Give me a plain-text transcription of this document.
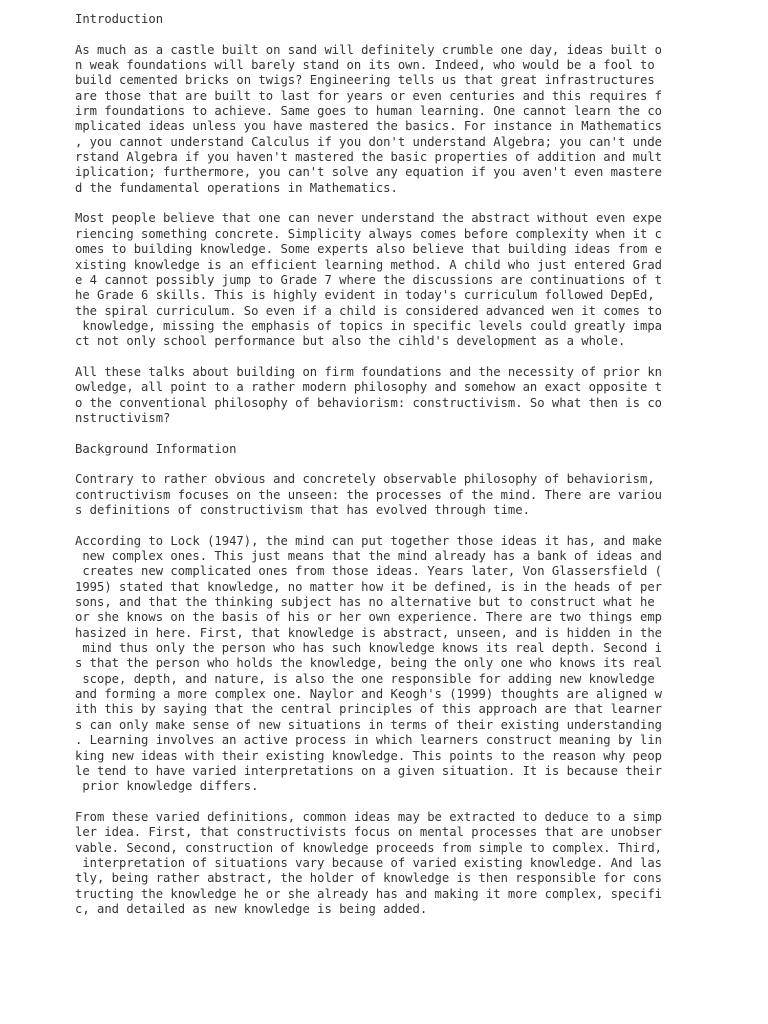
Introduction
As much as a castle built on sand will definitely crumble one day, ideas built o
n weak foundations will barely stand on its own. Indeed, who would be a fool to
build cemented bricks on twigs? Engineering tells us that great infrastructures
are those that are built to last for years or even centuries and this requires f
irm foundations to achieve. Same goes to human learning. One cannot learn the co
mplicated ideas unless you have mastered the basics. For instance in Mathematics
, you cannot understand Calculus if you don't understand Algebra; you can't unde
rstand Algebra if you haven't mastered the basic properties of addition and mult
iplication; furthermore, you can't solve any equation if you aven't even mastere
d the fundamental operations in Mathematics.
Most people believe that one can never understand the abstract without even expe
riencing something concrete. Simplicity always comes before complexity when it c
omes to building knowledge. Some experts also believe that building ideas from e
xisting knowledge is an efficient learning method. A child who just entered Grad
e 4 cannot possibly jump to Grade 7 where the discussions are continuations of t
he Grade 6 skills. This is highly evident in today's curriculum followed DepEd,
the spiral curriculum. So even if a child is considered advanced wen it comes to
knowledge, missing the emphasis of topics in specific levels could greatly impa
ct not only school performance but also the cihld's development as a whole.
All these talks about building on firm foundations and the necessity of prior kn
owledge, all point to a rather modern philosophy and somehow an exact opposite t
o the conventional philosophy of behaviorism: constructivism. So what then is co
nstructivism?
Background Information
Contrary to rather obvious and concretely observable philosophy of behaviorism,
contructivism focuses on the unseen: the processes of the mind. There are variou
s definitions of constructivism that has evolved through time.
According to Lock (1947), the mind can put together those ideas it has, and make
new complex ones. This just means that the mind already has a bank of ideas and
creates new complicated ones from those ideas. Years later, Von Glassersfield (
1995) stated that knowledge, no matter how it be defined, is in the heads of per
sons, and that the thinking subject has no alternative but to construct what he
or she knows on the basis of his or her own experience. There are two things emp
hasized in here. First, that knowledge is abstract, unseen, and is hidden in the
mind thus only the person who has such knowledge knows its real depth. Second i
s that the person who holds the knowledge, being the only one who knows its real
scope, depth, and nature, is also the one responsible for adding new knowledge
and forming a more complex one. Naylor and Keogh's (1999) thoughts are aligned w
ith this by saying that the central principles of this approach are that learner
s can only make sense of new situations in terms of their existing understanding
. Learning involves an active process in which learners construct meaning by lin
king new ideas with their existing knowledge. This points to the reason why peop
le tend to have varied interpretations on a given situation. It is because their
prior knowledge differs.
From these varied definitions, common ideas may be extracted to deduce to a simp
ler idea. First, that constructivists focus on mental processes that are unobser
vable. Second, construction of knowledge proceeds from simple to complex. Third,
interpretation of situations vary because of varied existing knowledge. And las
tly, being rather abstract, the holder of knowledge is then responsible for cons
tructing the knowledge he or she already has and making it more complex, specifi
c, and detailed as new knowledge is being added.
